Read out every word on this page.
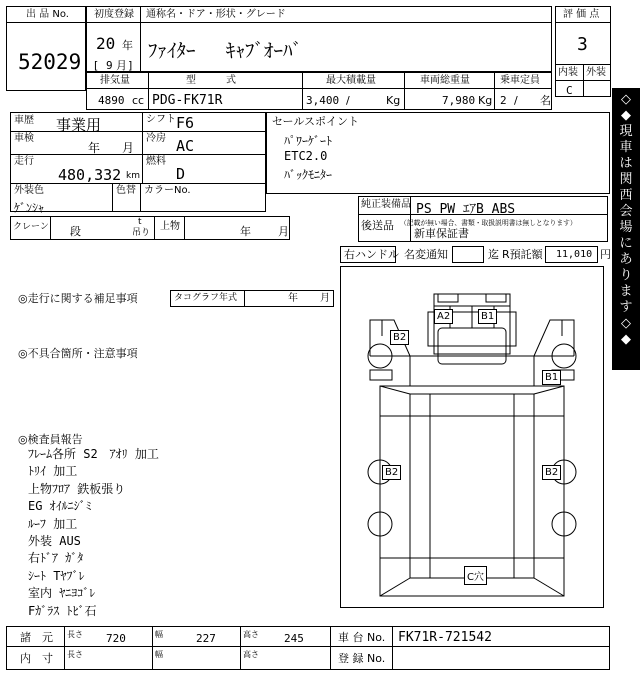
出 品 No.
52029
初度登録 通称名・ドア・形状・グレード
20 年
[ 9 ]
月
ﾌｧｲﾀｰ　 ｷｬﾌﾞｵｰﾊﾞ
評 価 点
3
内装 外装
C
排気量	型　　　式	最大積載量	車両総重量	乗車定員
4890 cc PDG-FK71R	3,400 /	Kg	7,980 Kg 2 / 名
車歴 事業用	シフト F6
車検
年 月
冷房 AC
走行
480,332 km
燃料
D
外装色
ｹﾞﾝｼｬ
色替 カラーNo.
クレーン 段
t
吊り
上物	年 月
セールスポイント
ﾊﾟﾜｰｹﾞｰﾄ
ETC2.0
ﾊﾞｯｸﾓﾆﾀｰ
純正装備品 PS PW ｴｱB ABS
後送品 （記載が無い場合、書類・取扱説明書は無しとなります）
新車保証書
右ハンドル 名変通知	迄 R預託額 11,010 円
◎走行に関する補足事項	タコグラフ年式	年 月
◎不具合箇所・注意事項
◎検査員報告
ﾌﾚｰﾑ各所 S2　ｱｵﾘ 加工
ﾄﾘｲ 加工
上物ﾌﾛｱ 鉄板張り
EG ｵｲﾙﾆｼﾞﾐ
ﾙｰﾌ 加工
外装 AUS
右ﾄﾞｱ ｶﾞﾀ
ｼｰﾄ Tﾔﾌﾞﾚ
室内 ﾔﾆﾖｺﾞﾚ
Fｶﾞﾗｽ ﾄﾋﾞ石
A2	B1
B2
B1
B2	B2
C穴
◇
◆
現
車
は
関
西
会
場
に
あ
り
ま
す
◇
◆
諸　元 長さ 720	幅	227	高さ 245	車 台 No. FK71R-721542
内　寸 長さ	幅	高さ	登 録 No.
